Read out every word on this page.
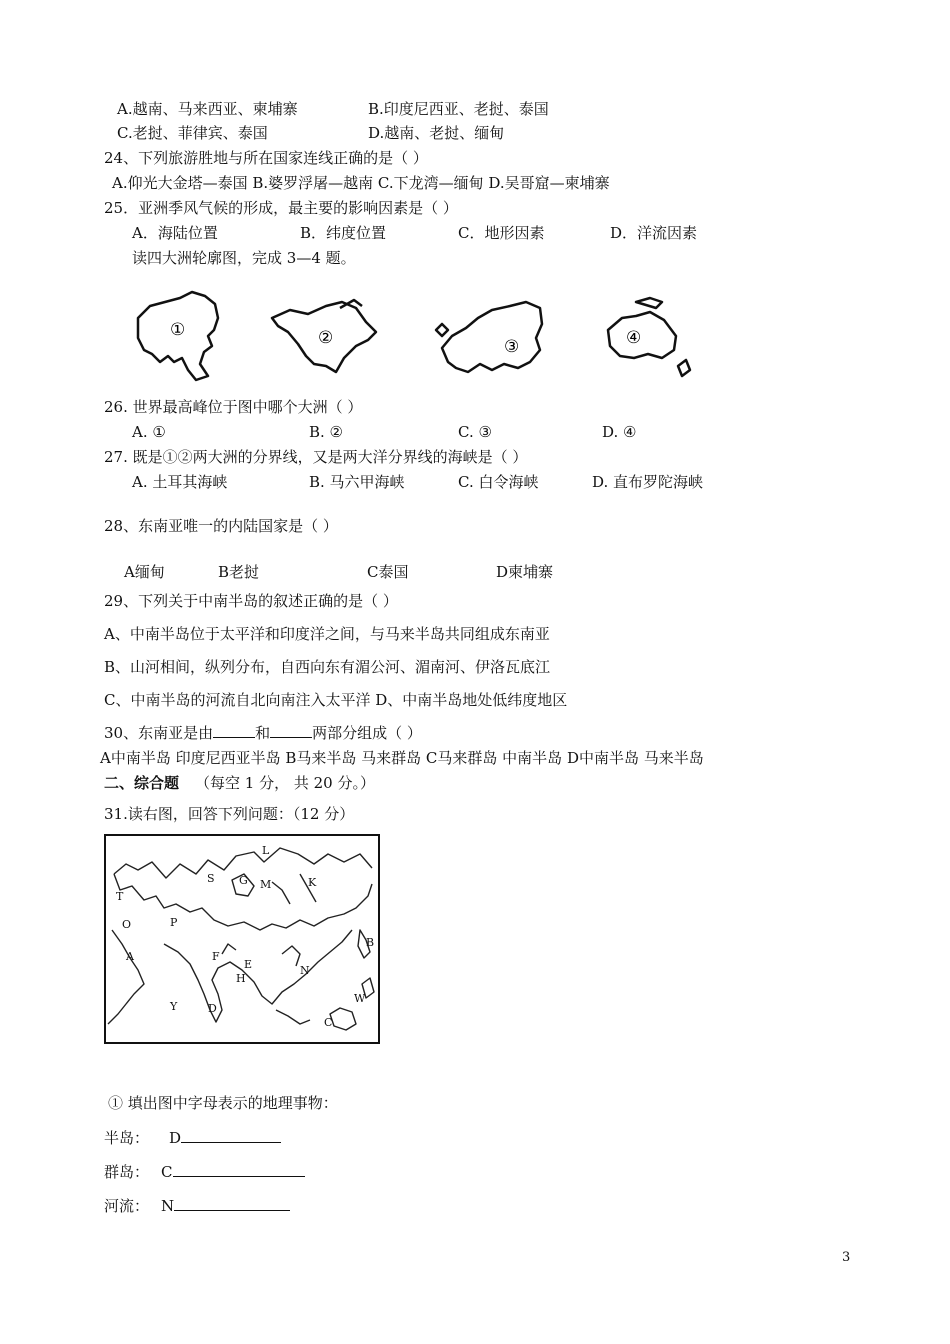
A.越南、马来西亚、柬埔寨	B.印度尼西亚、老挝、泰国
C.老挝、菲律宾、泰国	D.越南、老挝、缅甸
24、下列旅游胜地与所在国家连线正确的是（ ）
A.仰光大金塔—泰国 B.婆罗浮屠—越南 C.下龙湾—缅甸 D.吴哥窟—柬埔寨
25．亚洲季风气候的形成，最主要的影响因素是（ ）
A．海陆位置	B．纬度位置	C．地形因素	D．洋流因素
读四大洲轮廓图，完成 3—4 题。
①	②	③	④
26. 世界最高峰位于图中哪个大洲（ ）
A. ①	B. ②	C. ③	D. ④
27. 既是①②两大洲的分界线，又是两大洋分界线的海峡是（ ）
A. 土耳其海峡	B. 马六甲海峡	C. 白令海峡	D. 直布罗陀海峡
28、东南亚唯一的内陆国家是（ ）
A缅甸	B老挝	C泰国	D柬埔寨
29、下列关于中南半岛的叙述正确的是（ ）
A、中南半岛位于太平洋和印度洋之间，与马来半岛共同组成东南亚
B、山河相间，纵列分布，自西向东有湄公河、湄南河、伊洛瓦底江
C、中南半岛的河流自北向南注入太平洋 D、中南半岛地处低纬度地区
30、东南亚是由	和	两部分组成（ ）
A中南半岛 印度尼西亚半岛 B马来半岛 马来群岛 C马来群岛 中南半岛 D中南半岛 马来半岛
二、综合题 （每空 1 分， 共 20 分。）
31.读右图，回答下列问题：（12 分）
L
S G M	K
T
P
O
B
A	F
E
H
N
D
Y
W
C
① 填出图中字母表示的地理事物：
半岛： D
群岛： C
河流： N
3
